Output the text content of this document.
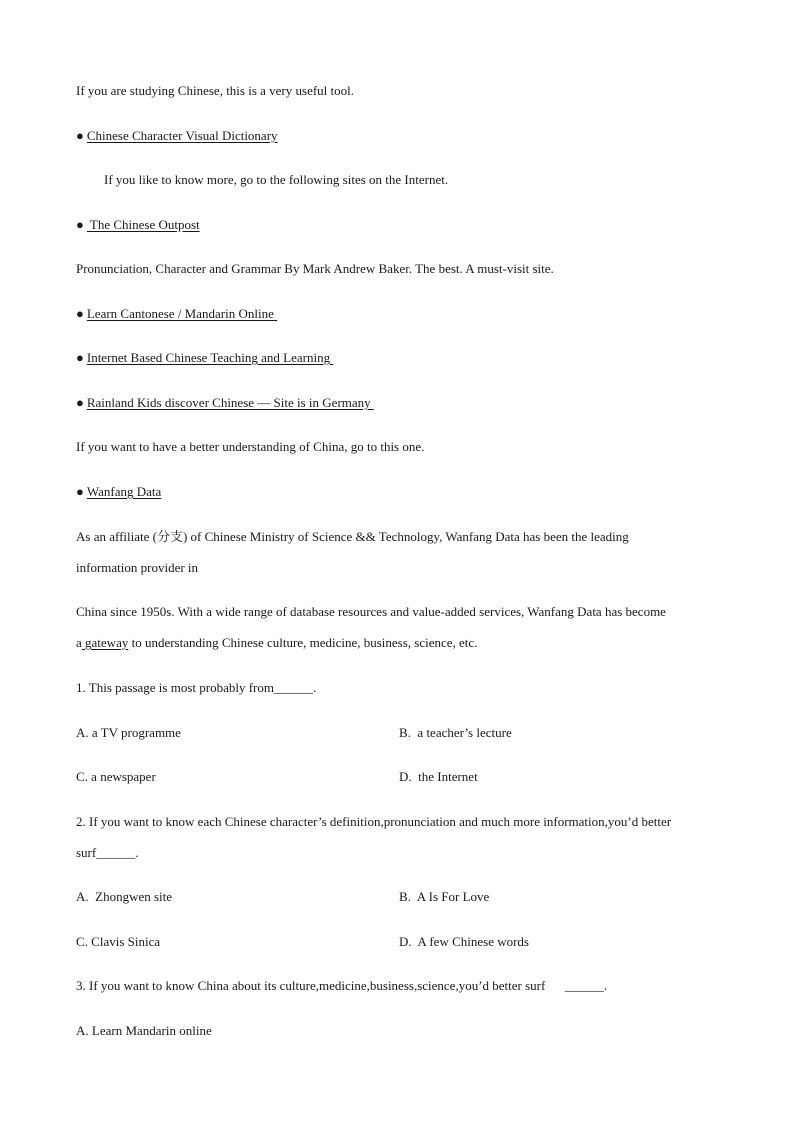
If you are studying Chinese, this is a very useful tool.
● Chinese Character Visual Dictionary
If you like to know more, go to the following sites on the Internet.
● The Chinese Outpost
Pronunciation, Character and Grammar By Mark Andrew Baker. The best. A must-visit site.
● Learn Cantonese / Mandarin Online
● Internet Based Chinese Teaching and Learning
● Rainland Kids discover Chinese — Site is in Germany
If you want to have a better understanding of China, go to this one.
● Wanfang Data
As an affiliate (分支) of Chinese Ministry of Science && Technology, Wanfang Data has been the leading
information provider in
China since 1950s. With a wide range of database resources and value-added services, Wanfang Data has become
a gateway to understanding Chinese culture, medicine, business, science, etc.
1. This passage is most probably from______.
A. a TV programme	B.  a teacher’s lecture
C. a newspaper	D.  the Internet
2. If you want to know each Chinese character’s definition,pronunciation and much more information,you’d better
surf______.
A.  Zhongwen site	B.  A Is For Love
C. Clavis Sinica	D.  A few Chinese words
3. If you want to know China about its culture,medicine,business,science,you’d better surf      ______.
A. Learn Mandarin online
